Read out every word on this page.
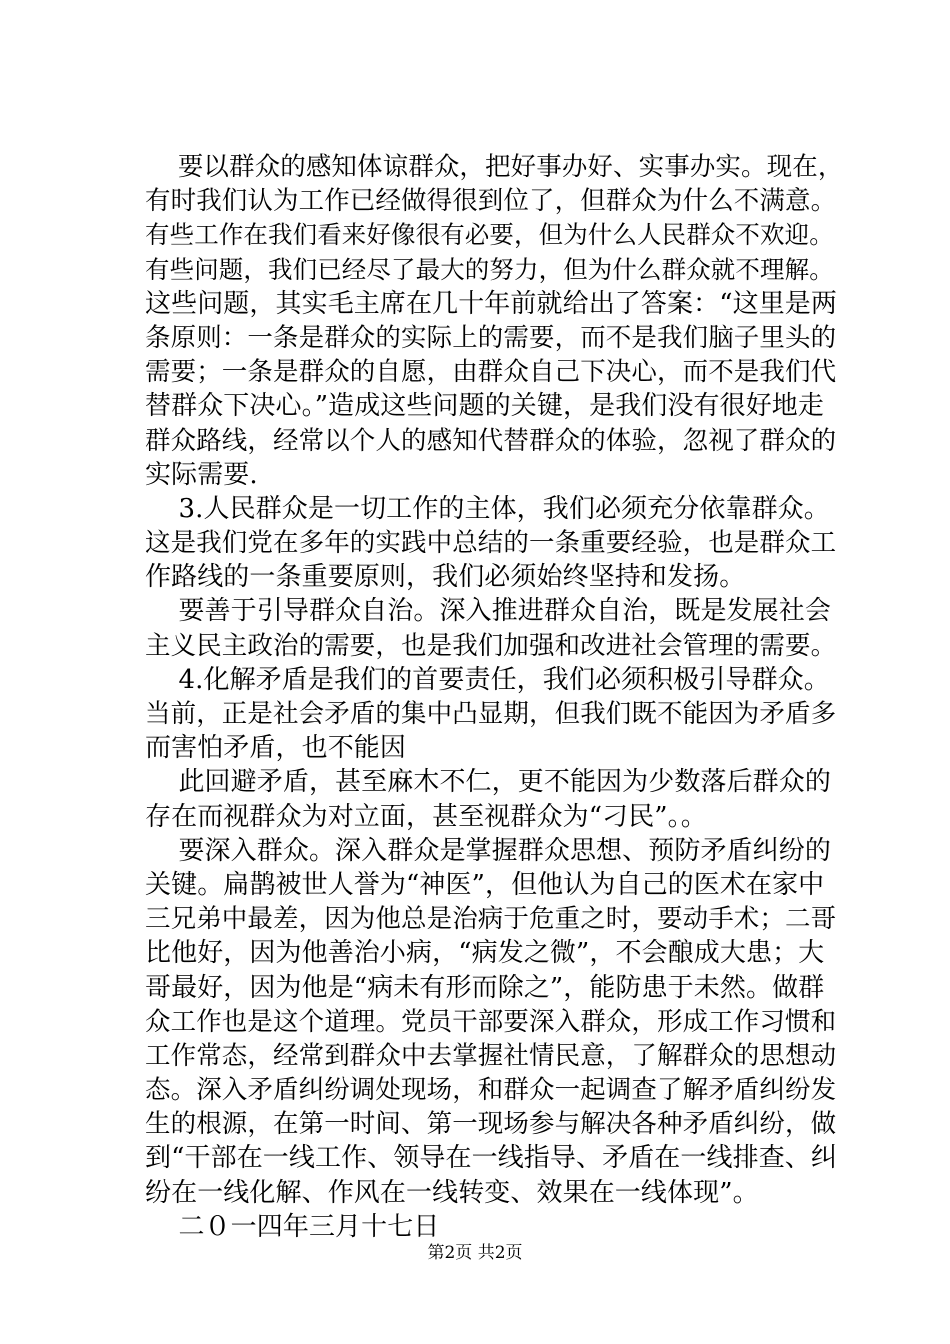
要以群众的感知体谅群众，把好事办好、实事办实。现在，
有时我们认为工作已经做得很到位了，但群众为什么不满意。
有些工作在我们看来好像很有必要，但为什么人民群众不欢迎。
有些问题，我们已经尽了最大的努力，但为什么群众就不理解。
这些问题，其实毛主席在几十年前就给出了答案：“这里是两
条原则：一条是群众的实际上的需要，而不是我们脑子里头的
需要；一条是群众的自愿，由群众自己下决心，而不是我们代
替群众下决心。”造成这些问题的关键，是我们没有很好地走
群众路线，经常以个人的感知代替群众的体验，忽视了群众的
实际需要.
3.人民群众是一切工作的主体，我们必须充分依靠群众。
这是我们党在多年的实践中总结的一条重要经验，也是群众工
作路线的一条重要原则，我们必须始终坚持和发扬。
要善于引导群众自治。深入推进群众自治，既是发展社会
主义民主政治的需要，也是我们加强和改进社会管理的需要。
4.化解矛盾是我们的首要责任，我们必须积极引导群众。
当前，正是社会矛盾的集中凸显期，但我们既不能因为矛盾多
而害怕矛盾，也不能因
此回避矛盾，甚至麻木不仁，更不能因为少数落后群众的
存在而视群众为对立面，甚至视群众为“刁民”。。
要深入群众。深入群众是掌握群众思想、预防矛盾纠纷的
关键。扁鹊被世人誉为“神医”，但他认为自己的医术在家中
三兄弟中最差，因为他总是治病于危重之时，要动手术；二哥
比他好，因为他善治小病，“病发之微”，不会酿成大患；大
哥最好，因为他是“病未有形而除之”，能防患于未然。做群
众工作也是这个道理。党员干部要深入群众，形成工作习惯和
工作常态，经常到群众中去掌握社情民意，了解群众的思想动
态。深入矛盾纠纷调处现场，和群众一起调查了解矛盾纠纷发
生的根源，在第一时间、第一现场参与解决各种矛盾纠纷，做
到“干部在一线工作、领导在一线指导、矛盾在一线排查、纠
纷在一线化解、作风在一线转变、效果在一线体现”。
二０一四年三月十七日
第2页 共2页
